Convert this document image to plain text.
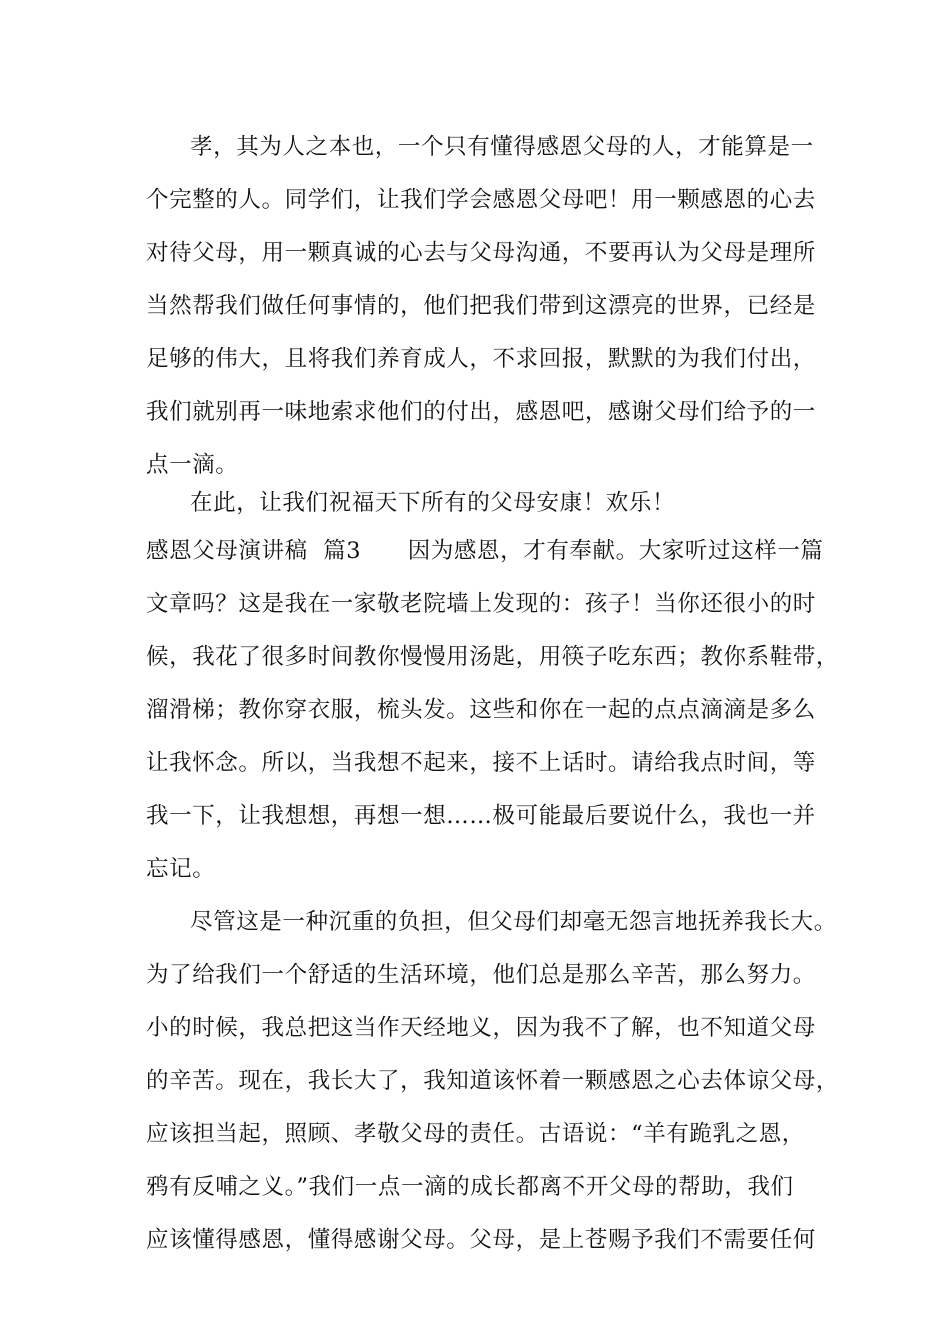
孝，其为人之本也，一个只有懂得感恩父母的人，才能算是一
个完整的人。同学们，让我们学会感恩父母吧！用一颗感恩的心去
对待父母，用一颗真诚的心去与父母沟通，不要再认为父母是理所
当然帮我们做任何事情的，他们把我们带到这漂亮的世界，已经是
足够的伟大，且将我们养育成人，不求回报，默默的为我们付出，
我们就别再一味地索求他们的付出，感恩吧，感谢父母们给予的一
点一滴。
在此，让我们祝福天下所有的父母安康！欢乐！
感恩父母演讲稿  篇3      因为感恩，才有奉献。大家听过这样一篇
文章吗？这是我在一家敬老院墙上发现的：孩子！当你还很小的时
候，我花了很多时间教你慢慢用汤匙，用筷子吃东西；教你系鞋带，
溜滑梯；教你穿衣服，梳头发。这些和你在一起的点点滴滴是多么
让我怀念。所以，当我想不起来，接不上话时。请给我点时间，等
我一下，让我想想，再想一想……极可能最后要说什么，我也一并
忘记。
尽管这是一种沉重的负担，但父母们却毫无怨言地抚养我长大。
为了给我们一个舒适的生活环境，他们总是那么辛苦，那么努力。
小的时候，我总把这当作天经地义，因为我不了解，也不知道父母
的辛苦。现在，我长大了，我知道该怀着一颗感恩之心去体谅父母，
应该担当起，照顾、孝敬父母的责任。古语说：“羊有跪乳之恩，
鸦有反哺之义。”我们一点一滴的成长都离不开父母的帮助，我们
应该懂得感恩，懂得感谢父母。父母，是上苍赐予我们不需要任何
